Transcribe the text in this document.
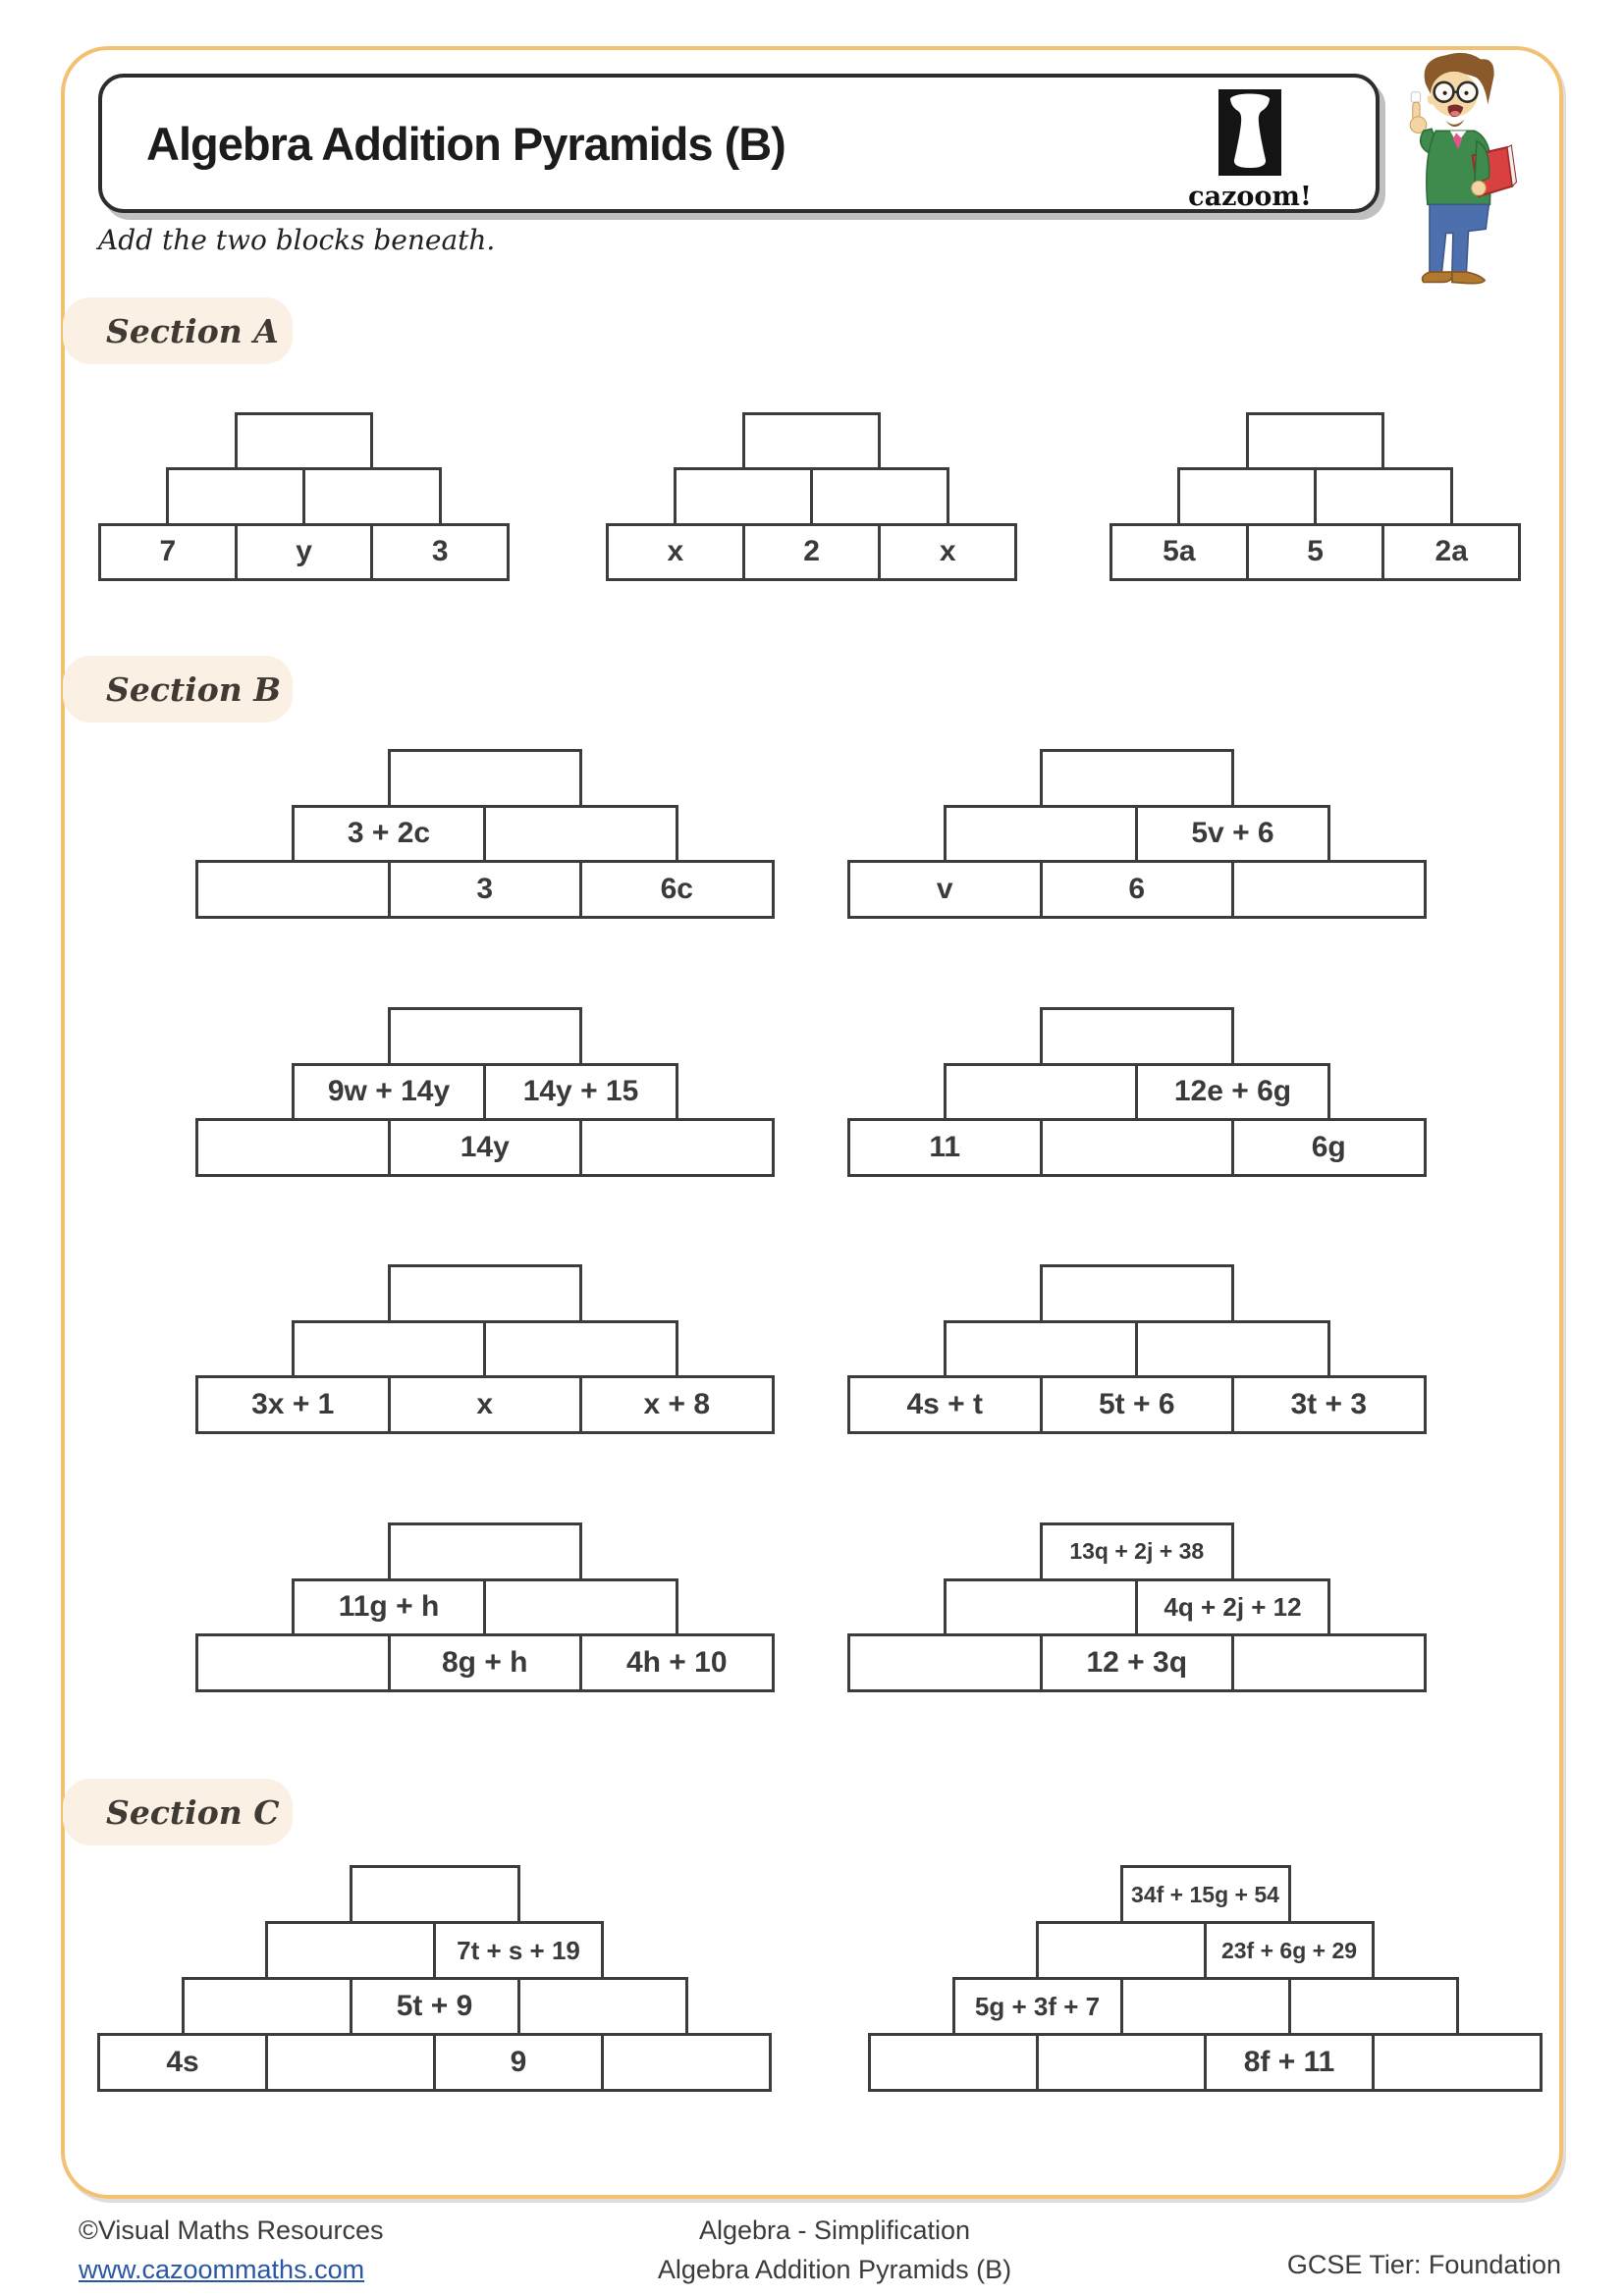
Algebra Addition Pyramids (B)
cazoom!
Add the two blocks beneath.
Section A
Section B
Section C
7	y	3	x	2	x	5a	5	2a
3 + 2c
3	6c
5v + 6
v	6
9w + 14y	14y + 15
14y
12e + 6g
11	6g
3x + 1	x	x + 8	4s + t	5t + 6	3t + 3
11g + h
8g + h	4h + 10
13q + 2j + 38
4q + 2j + 12
12 + 3q
7t + s + 19
5t + 9
4s	9
34f + 15g + 54
23f + 6g + 29
5g + 3f + 7
8f + 11
©Visual Maths Resources
www.cazoommaths.com
Algebra - Simplification
Algebra Addition Pyramids (B)	GCSE Tier: Foundation
